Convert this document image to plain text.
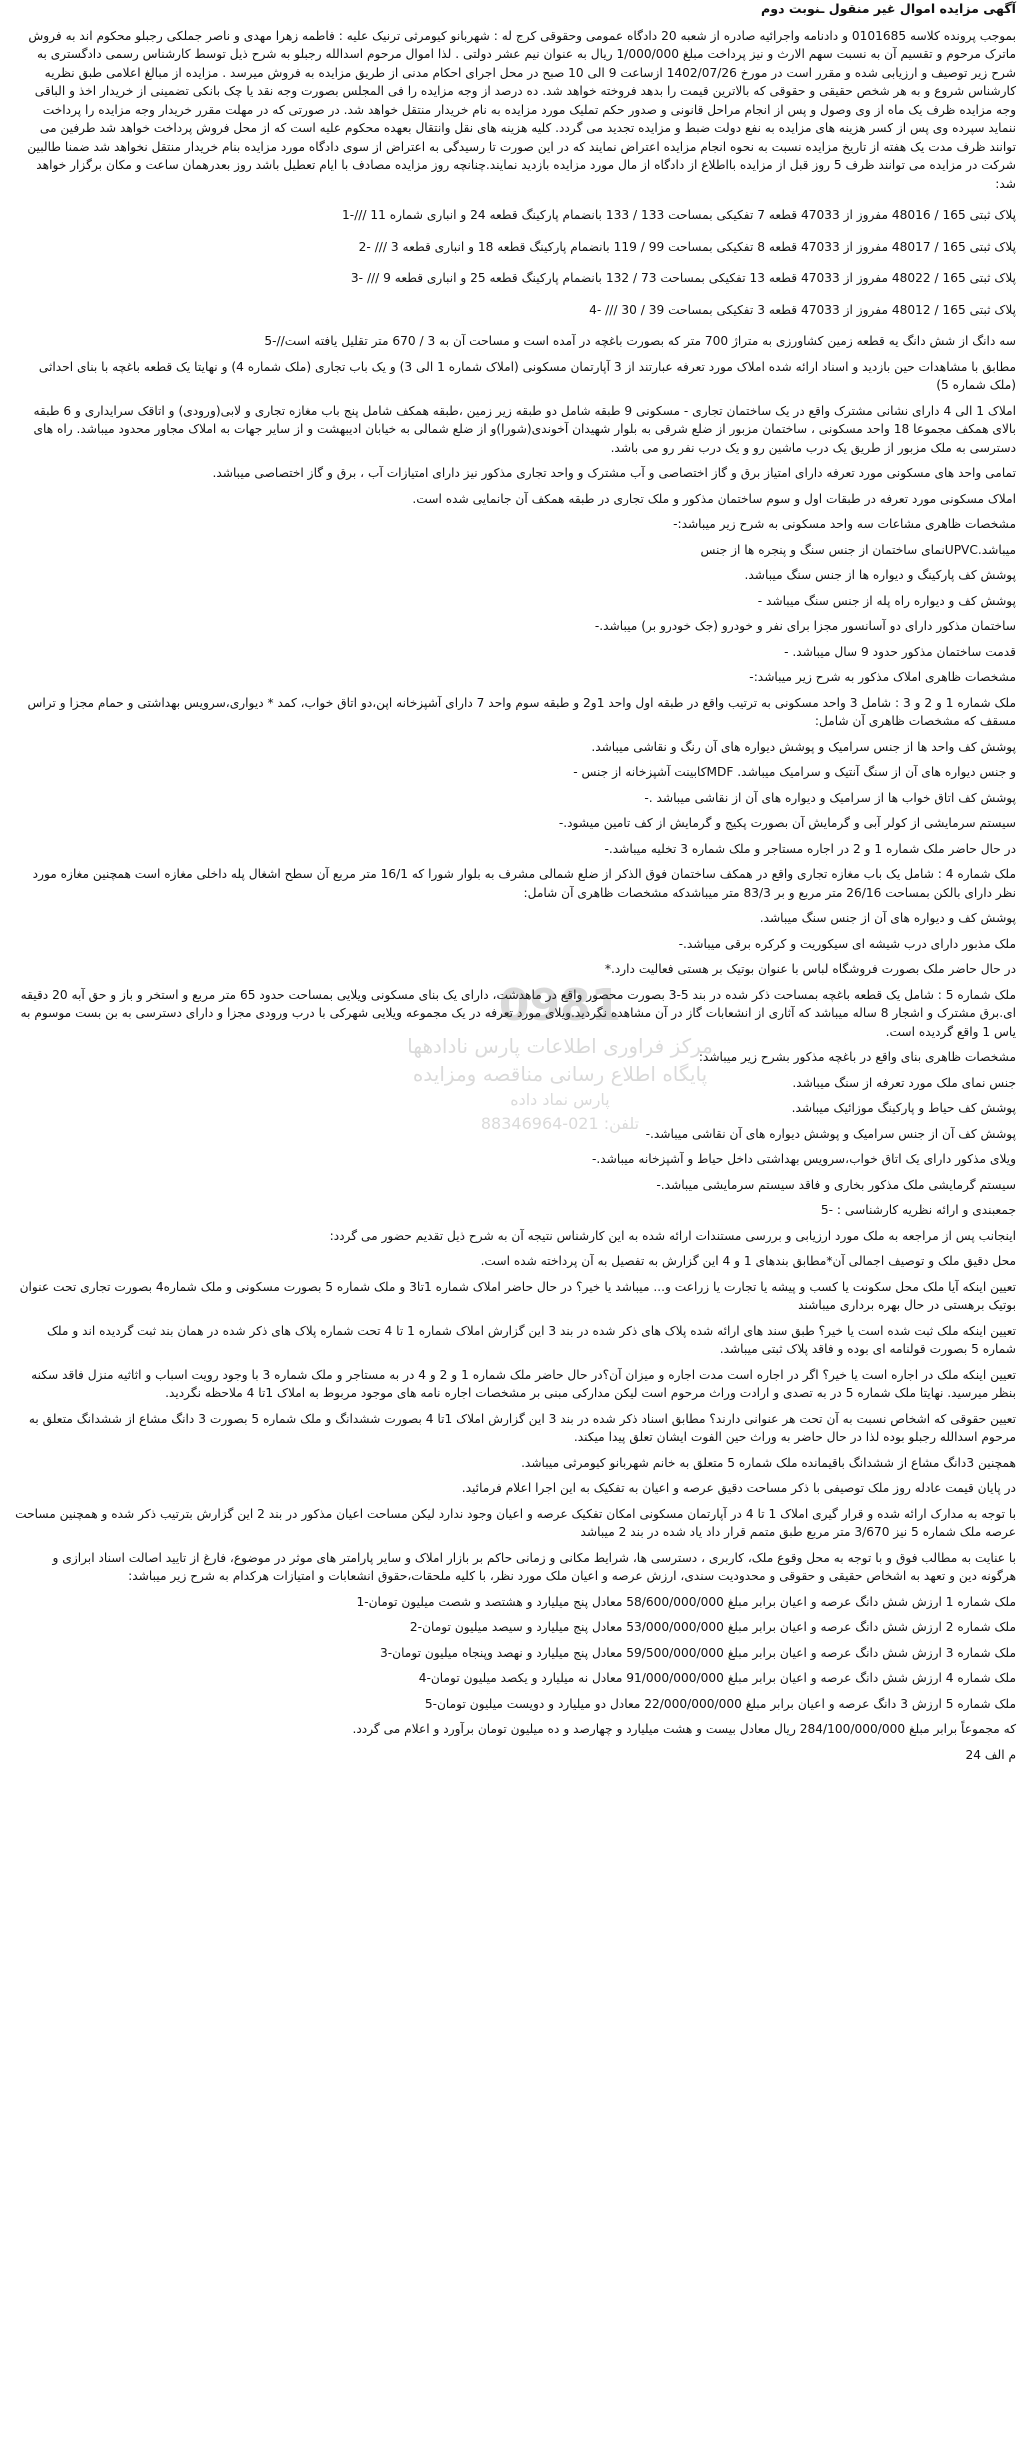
آگهی مزایده اموال غیر منقول ـنوبت دوم

بموجب پرونده کلاسه 0101685 و دادنامه واجرائیه صادره از شعبه 20 دادگاه عمومی وحقوقی کرج له : شهربانو کیومرثی ترنیک علیه : فاطمه زهرا مهدی و ناصر جملکی رجبلو محکوم اند به فروش ماترک مرحوم و تقسیم آن به نسبت سهم الارث و نیز پرداخت مبلغ 1/000/000 ریال به عنوان نیم عشر دولتی . لذا اموال مرحوم اسدالله رجبلو به شرح ذیل توسط کارشناس رسمی دادگستری به شرح زیر توصیف و ارزیابی شده و مقرر است در مورخ 1402/07/26 ازساعت 9 الی 10 صبح در محل اجرای احکام مدنی از طریق مزایده به فروش میرسد . مزایده از مبالغ اعلامی طبق نظریه کارشناس شروع و به هر شخص حقیقی و حقوقی که بالاترین قیمت را بدهد فروخته خواهد شد. ده درصد از وجه مزایده را فی المجلس بصورت وجه نقد یا چک بانکی تضمینی از خریدار اخذ و الباقی وجه مزایده ظرف یک ماه از وی وصول و پس از انجام مراحل قانونی و صدور حکم تملیک مورد مزایده به نام خریدار منتقل خواهد شد. در صورتی که در مهلت مقرر خریدار وجه مزایده را پرداخت ننماید سپرده وی پس از کسر هزینه های مزایده به نفع دولت ضبط و مزایده تجدید می گردد. کلیه هزینه های نقل وانتقال بعهده محکوم علیه است که از محل فروش پرداخت خواهد شد طرفین می توانند ظرف مدت یک هفته از تاریخ مزایده نسبت به نحوه انجام مزایده اعتراض نمایند که در این صورت تا رسیدگی به اعتراض از سوی دادگاه مورد مزایده بنام خریدار منتقل نخواهد شد ضمنا طالبین شرکت در مزایده می توانند ظرف 5 روز قبل از مزایده بااطلاع از دادگاه از مال مورد مزایده بازدید نمایند.چنانچه روز مزایده مصادف با ایام تعطیل باشد روز بعدرهمان ساعت و مکان برگزار خواهد شد:

پلاک ثبتی 165 / 48016 مفروز از 47033 قطعه 7 تفکیکی بمساحت 133 / 133 بانضمام پارکینگ قطعه 24 و انباری شماره 11 ///-1

پلاک ثبتی 165 / 48017 مفروز از 47033 قطعه 8 تفکیکی بمساحت 99 / 119 بانضمام پارکینگ قطعه 18 و انباری قطعه 3 /// -2

پلاک ثبتی 165 / 48022 مفروز از 47033 قطعه 13 تفکیکی بمساحت 73 / 132 بانضمام پارکینگ قطعه 25 و انباری قطعه 9 /// -3

پلاک ثبتی 165 / 48012 مفروز از 47033 قطعه 3 تفکیکی بمساحت 39 / 30 /// -4

سه دانگ از شش دانگ یه قطعه زمین کشاورزی به متراژ 700 متر که بصورت باغچه در آمده است و مساحت آن به 3 / 670 متر تقلیل یافته است//-5

مطابق با مشاهدات حین بازدید و اسناد ارائه شده املاک مورد تعرفه عبارتند از 3 آپارتمان مسکونی (املاک شماره 1 الی 3) و یک باب تجاری (ملک شماره 4) و نهایتا یک قطعه باغچه با بنای احداثی (ملک شماره 5)

املاک 1 الی 4 دارای نشانی مشترک واقع در یک ساختمان تجاری - مسکونی 9 طبقه شامل دو طبقه زیر زمین ،طبقه همکف شامل پنج باب مغازه تجاری و لابی(ورودی) و اتاقک سرایداری و 6 طبقه بالای همکف مجموعا 18 واحد مسکونی ، ساختمان مزبور از ضلع شرقی به بلوار شهیدان آخوندی(شورا)و از ضلع شمالی به خیابان ادیبهشت و از سایر جهات به املاک مجاور محدود میباشد. راه های دسترسی به ملک مزبور از طریق یک درب ماشین رو و یک درب نفر رو می باشد.

تمامی واحد های مسکونی مورد تعرفه دارای امتیاز برق و گاز اختصاصی و آب مشترک و واحد تجاری مذکور نیز دارای امتیازات آب ، برق و گاز اختصاصی میباشد.

املاک مسکونی مورد تعرفه در طبقات اول و سوم ساختمان مذکور و ملک تجاری در طبقه همکف آن جانمایی شده است.

مشخصات ظاهری مشاعات سه واحد مسکونی به شرح زیر میباشد:-

میباشد.UPVCنمای ساختمان از جنس سنگ و پنجره ها از جنس

پوشش کف پارکینگ و دیواره ها از جنس سنگ میباشد.

پوشش کف و دیواره راه پله از جنس سنگ میباشد -

ساختمان مذکور دارای دو آسانسور مجزا برای نفر و خودرو (جک خودرو بر) میباشد.-

قدمت ساختمان مذکور حدود 9 سال میباشد. -

مشخصات ظاهری املاک مذکور به شرح زیر میباشد:-

ملک شماره 1 و 2 و 3 : شامل 3 واحد مسکونی به ترتیب واقع در طبقه اول واحد 1و2 و طبقه سوم واحد 7 دارای آشپزخانه اپن،دو اتاق خواب، کمد * دیواری،سرویس بهداشتی و حمام مجزا و تراس مسقف که مشخصات ظاهری آن شامل:

پوشش کف واحد ها از جنس سرامیک و پوشش دیواره های آن رنگ و نقاشی میباشد.

و جنس دیواره های آن از سنگ آنتیک و سرامیک میباشد. MDFکابینت آشپزخانه از جنس -

پوشش کف اتاق خواب ها از سرامیک و دیواره های آن از نقاشی میباشد .-

سیستم سرمایشی از کولر آبی و گرمایش آن بصورت پکیج و گرمایش از کف تامین میشود.-

در حال حاضر ملک شماره 1 و 2 در اجاره مستاجر و ملک شماره 3 تخلیه میباشد.-

ملک شماره 4 : شامل یک باب مغازه تجاری واقع در همکف ساختمان فوق الذکر از ضلع شمالی مشرف به بلوار شورا که 16/1 متر مربع آن سطح اشغال پله داخلی مغازه است همچنین مغازه مورد نظر دارای بالکن بمساحت 26/16 متر مربع و بر 83/3 متر میباشدکه مشخصات ظاهری آن شامل:

پوشش کف و دیواره های آن از جنس سنگ میباشد.

ملک مذبور دارای درب شیشه ای سیکوریت و کرکره برقی میباشد.-

در حال حاضر ملک بصورت فروشگاه لباس با عنوان بوتیک بر هستی فعالیت دارد.*

ملک شماره 5 : شامل یک قطعه باغچه بمساحت ذکر شده در بند 5-3 بصورت محصور واقع در ماهدشت، دارای یک بنای مسکونی ویلایی بمساحت حدود 65 متر مربع و استخر و باز و حق آبه 20 دقیقه ای.برق مشترک و اشجار 8 ساله میباشد که آثاری از انشعابات گاز در آن مشاهده نگردید.ویلای مورد تعرفه در یک مجموعه ویلایی شهرکی با درب ورودی مجزا و دارای دسترسی به بن بست موسوم به یاس 1 واقع گردیده است.

مشخصات ظاهری بنای واقع در باغچه مذکور بشرح زیر میباشد:

جنس نمای ملک مورد تعرفه از سنگ میباشد.

پوشش کف حیاط و پارکینگ موزائیک میباشد.

پوشش کف آن از جنس سرامیک و پوشش دیواره های آن نقاشی میباشد.-

ویلای مذکور دارای یک اتاق خواب،سرویس بهداشتی داخل حیاط و آشپزخانه میباشد.-

سیستم گرمایشی ملک مذکور بخاری و فاقد سیستم سرمایشی میباشد.-

جمعبندی و ارائه نظریه کارشناسی : -5

اینجانب پس از مراجعه به ملک مورد ارزیابی و بررسی مستندات ارائه شده به این کارشناس نتیجه آن به شرح ذیل تقدیم حضور می گردد:

محل دقیق ملک و توصیف اجمالی آن*مطابق بندهای 1 و 4 این گزارش به تفصیل به آن پرداخته شده است.

تعیین اینکه آیا ملک محل سکونت یا کسب و پیشه یا تجارت یا زراعت و... میباشد یا خیر؟ در حال حاضر املاک شماره 1تا3 و ملک شماره 5 بصورت مسکونی و ملک شماره4 بصورت تجاری تحت عنوان بوتیک برهستی در حال بهره برداری میباشند

تعیین اینکه ملک ثبت شده است یا خیر؟ طبق سند های ارائه شده پلاک های ذکر شده در بند 3 این گزارش املاک شماره 1 تا 4 تحت شماره پلاک های ذکر شده در همان بند ثبت گردیده اند و ملک شماره 5 بصورت قولنامه ای بوده و فاقد پلاک ثبتی میباشد.

تعیین اینکه ملک در اجاره است یا خیر؟ اگر در اجاره است مدت اجاره و میزان آن؟در حال حاضر ملک شماره 1 و 2 و 4 در به مستاجر و ملک شماره 3 با وجود رویت اسباب و اثاثیه منزل فاقد سکنه بنظر میرسید. نهایتا ملک شماره 5 در به تصدی و ارادت وراث مرحوم است لیکن مدارکی مبنی بر مشخصات اجاره نامه های موجود مربوط به املاک 1تا 4 ملاحظه نگردید.

تعیین حقوقی که اشخاص نسبت به آن تحت هر عنوانی دارند؟ مطابق اسناد ذکر شده در بند 3 این گزارش املاک 1تا 4 بصورت ششدانگ و ملک شماره 5 بصورت 3 دانگ مشاع از ششدانگ متعلق به مرحوم اسدالله رجبلو بوده لذا در حال حاضر به وراث حین الفوت ایشان تعلق پیدا میکند.

همچنین 3دانگ مشاع از ششدانگ باقیمانده ملک شماره 5 متعلق به خانم شهربانو کیومرثی میباشد.

در پایان قیمت عادله روز ملک توصیفی با ذکر مساحت دقیق عرصه و اعیان به تفکیک به این اجرا اعلام فرمائید.

با توجه به مدارک ارائه شده و قرار گیری املاک 1 تا 4 در آپارتمان مسکونی امکان تفکیک عرصه و اعیان وجود ندارد لیکن مساحت اعیان مذکور در بند 2 این گزارش بترتیب ذکر شده و همچنین مساحت عرصه ملک شماره 5 نیز 3/670 متر مربع طبق متمم قرار داد یاد شده در بند 2 میباشد

با عنایت به مطالب فوق و با توجه به محل وقوع ملک، کاربری ، دسترسی ها، شرایط مکانی و زمانی حاکم بر بازار املاک و سایر پارامتر های موثر در موضوع، فارغ از تایید اصالت اسناد ابرازی و هرگونه دین و تعهد به اشخاص حقیقی و حقوقی و محدودیت سندی، ارزش عرصه و اعیان ملک مورد نظر، با کلیه ملحقات،حقوق انشعابات و امتیازات هرکدام به شرح زیر میباشد:

ملک شماره 1 ارزش شش دانگ عرصه و اعیان برابر مبلغ 58/600/000/000 معادل پنج میلیارد و هشتصد و شصت میلیون تومان-1

ملک شماره 2 ارزش شش دانگ عرصه و اعیان برابر مبلغ 53/000/000/000 معادل پنج میلیارد و سیصد میلیون تومان-2

ملک شماره 3 ارزش شش دانگ عرصه و اعیان برابر مبلغ 59/500/000/000 معادل پنج میلیارد و نهصد وپنجاه میلیون تومان-3

ملک شماره 4 ارزش شش دانگ عرصه و اعیان برابر مبلغ 91/000/000/000 معادل نه میلیارد و یکصد میلیون تومان-4

ملک شماره 5 ارزش 3 دانگ عرصه و اعیان برابر مبلغ 22/000/000/000 معادل دو میلیارد و دویست میلیون تومان-5

که مجموعاً برابر مبلغ 284/100/000/000 ریال معادل بیست و هشت میلیارد و چهارصد و ده میلیون تومان برآورد و اعلام می گردد.

م الف 24

0981
مرکز فراوری اطلاعات پارس نادادهها
پایگاه اطلاع رسانی مناقصه ومزایده
پارس نماد داده
تلفن: 021-88346964
